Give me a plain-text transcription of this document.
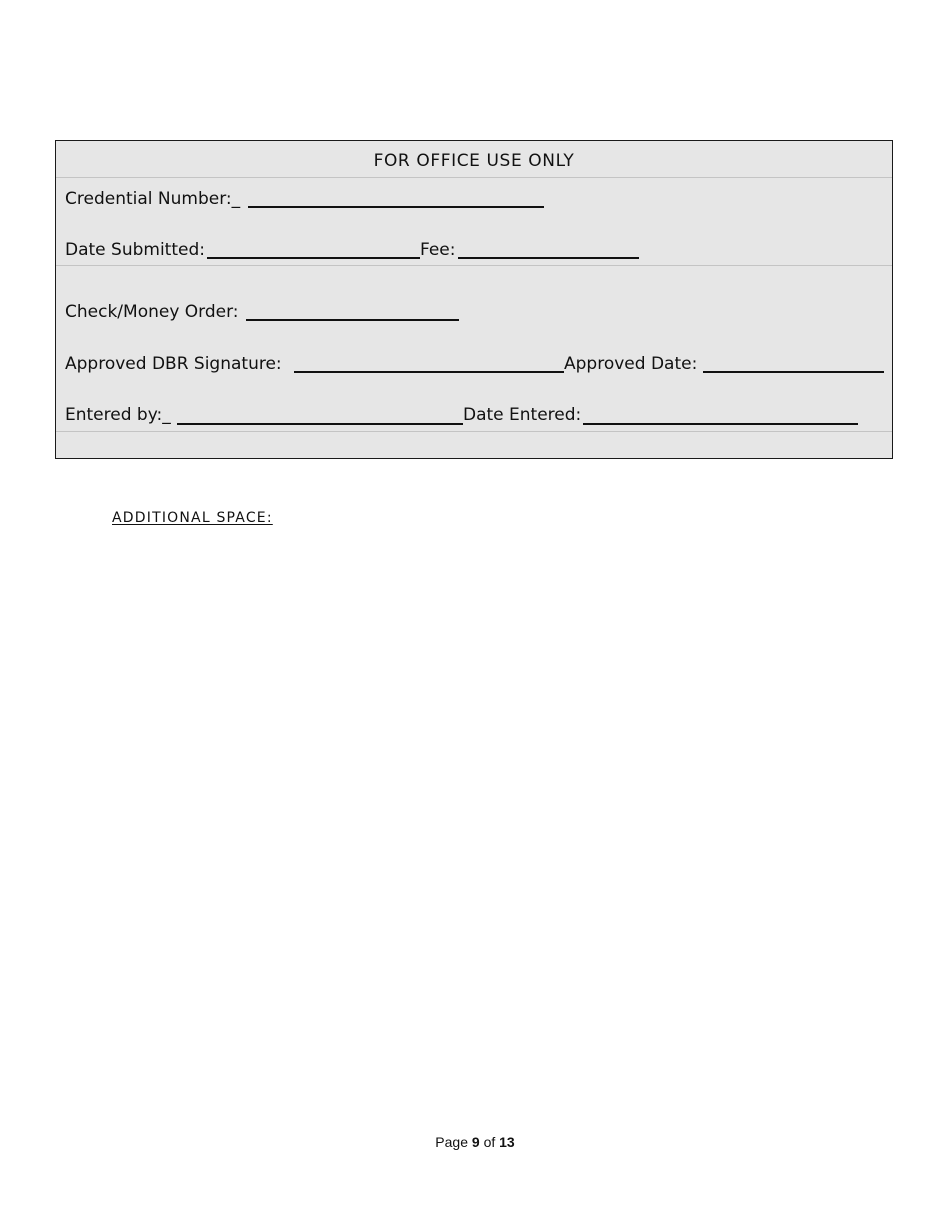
FOR OFFICE USE ONLY
Credential Number:_
Date Submitted:	Fee:
Check/Money Order:
Approved DBR Signature:	Approved Date:
Entered by:_	Date Entered:
ADDITIONAL SPACE:
Page 9 of 13
